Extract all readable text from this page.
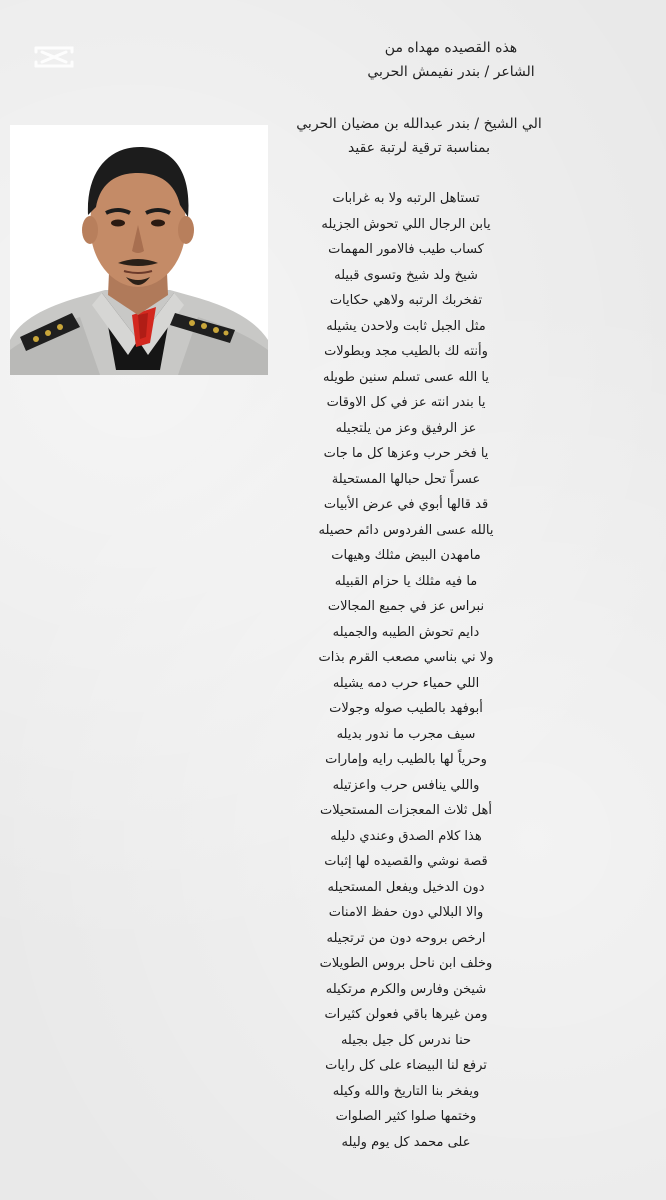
هذه القصيده مهداه من
الشاعر / بندر نفيمش الحربي
الي الشيخ / بندر عبدالله بن مضيان الحربي
بمناسبة ترقية لرتبة عقيد
تستاهل الرتبه ولا به غرابات
يابن الرجال اللي تحوش الجزيله
كساب طيب فالامور المهمات
شيخ ولد شيخ وتسوى قبيله
تفخربك الرتبه ولاهي حكايات
مثل الجبل ثابت ولاحدن يشيله
وأنته لك بالطيب مجد وبطولات
يا الله عسى تسلم سنين طويله
يا بندر انته عز في كل الاوقات
عز الرفيق وعز من يلتجيله
يا فخر حرب وعزها كل ما جات
عسراً تحل حبالها المستحيلة
قد قالها أبوي في عرض الأبيات
يالله عسى الفردوس دائم حصيله
مامهدن البيض مثلك وهيهات
ما فيه مثلك يا حزام القبيله
نبراس عز في جميع المجالات
دايم تحوش الطيبه والجميله
ولا ني بناسي مصعب القرم بذات
اللي حمياء حرب دمه يشيله
أبوفهد بالطيب صوله وجولات
سيف مجرب ما ندور بديله
وحرياً لها بالطيب رايه وإمارات
واللي ينافس حرب واعزتيله
أهل ثلاث المعجزات المستحيلات
هذا كلام الصدق وعندي دليله
قصة نوشي والقصيده لها إثبات
دون الدخيل ويفعل المستحيله
والا البلالي دون حفظ الامنات
ارخص بروحه دون من ترتجيله
وخلف ابن ناحل بروس الطويلات
شيخن وفارس والكرم مرتكيله
ومن غيرها باقي فعولن كثيرات
حنا ندرس كل جيل بجيله
ترفع لنا البيضاء على كل رايات
ويفخر بنا التاريخ والله وكيله
وختمها صلوا كثير الصلوات
على محمد كل يوم وليله
